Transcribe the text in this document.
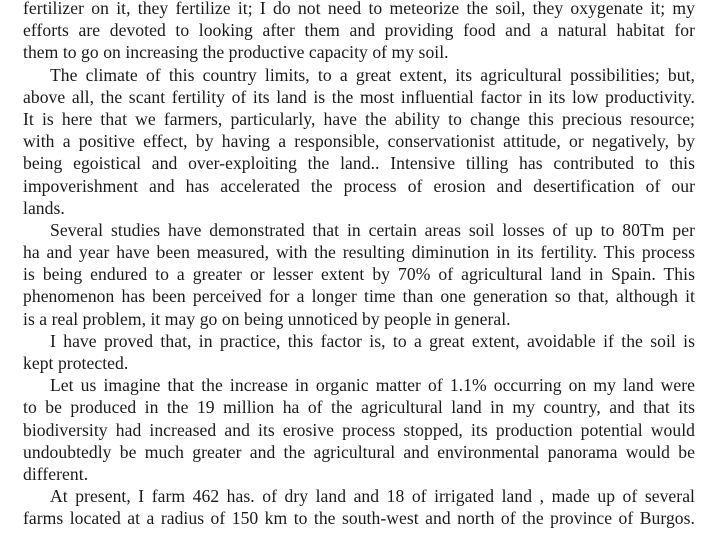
fertilizer on it, they fertilize it; I do not need to meteorize the soil, they oxygenate it; my
efforts are devoted to looking after them and providing food and a natural habitat for
them to go on increasing the productive capacity of my soil.
The climate of this country limits, to a great extent, its agricultural possibilities; but,
above all, the scant fertility of its land is the most influential factor in its low productivity.
It is here that we farmers, particularly, have the ability to change this precious resource;
with a positive effect, by having a responsible, conservationist attitude, or negatively, by
being egoistical and over-exploiting the land.. Intensive tilling has contributed to this
impoverishment and has accelerated the process of erosion and desertification of our
lands.
Several studies have demonstrated that in certain areas soil losses of up to 80Tm per
ha and year have been measured, with the resulting diminution in its fertility. This process
is being endured to a greater or lesser extent by 70% of agricultural land in Spain. This
phenomenon has been perceived for a longer time than one generation so that, although it
is a real problem, it may go on being unnoticed by people in general.
I have proved that, in practice, this factor is, to a great extent, avoidable if the soil is
kept protected.
Let us imagine that the increase in organic matter of 1.1% occurring on my land were
to be produced in the 19 million ha of the agricultural land in my country, and that its
biodiversity had increased and its erosive process stopped, its production potential would
undoubtedly be much greater and the agricultural and environmental panorama would be
different.
At present, I farm 462 has. of dry land and 18 of irrigated land , made up of several
farms located at a radius of 150 km to the south-west and north of the province of Burgos.
